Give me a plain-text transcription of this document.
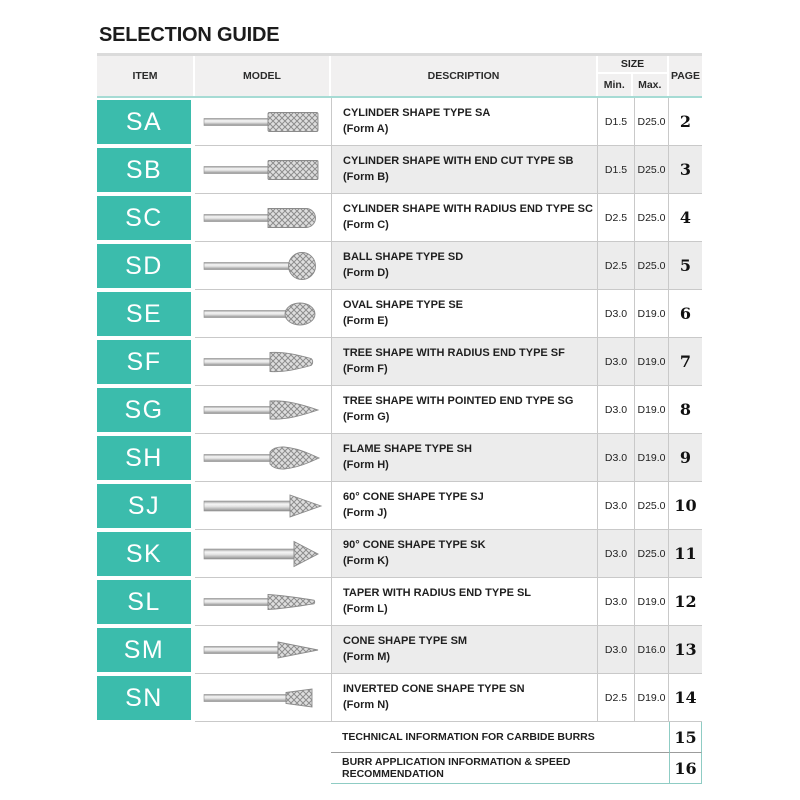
SELECTION GUIDE
ITEM	MODEL	DESCRIPTION
SIZE
Min.	Max.
PAGE
SA	CYLINDER SHAPE TYPE SA
(Form A)
D1.5 D25.0 2
SB	CYLINDER SHAPE WITH END CUT TYPE SB
(Form B)
D1.5 D25.0 3
SC	CYLINDER SHAPE WITH RADIUS END TYPE SC
(Form C)
D2.5 D25.0 4
SD	BALL SHAPE TYPE SD
(Form D)
D2.5 D25.0 5
SE	OVAL SHAPE TYPE SE
(Form E)
D3.0 D19.0 6
SF	TREE SHAPE WITH RADIUS END TYPE SF
(Form F)
D3.0 D19.0 7
SG	TREE SHAPE WITH POINTED END TYPE SG
(Form G)
D3.0 D19.0 8
SH	FLAME SHAPE TYPE SH
(Form H)
D3.0 D19.0 9
SJ	60° CONE SHAPE TYPE SJ
(Form J)
D3.0 D25.0 10
SK	90° CONE SHAPE TYPE SK
(Form K)
D3.0 D25.0 11
SL	TAPER WITH RADIUS END TYPE SL
(Form L)
D3.0 D19.0 12
SM	CONE SHAPE TYPE SM
(Form M)
D3.0 D16.0 13
SN	INVERTED CONE SHAPE TYPE SN
(Form N)
D2.5 D19.0 14
TECHNICAL INFORMATION FOR CARBIDE BURRS	15
BURR APPLICATION INFORMATION & SPEED RECOMMENDATION	16
